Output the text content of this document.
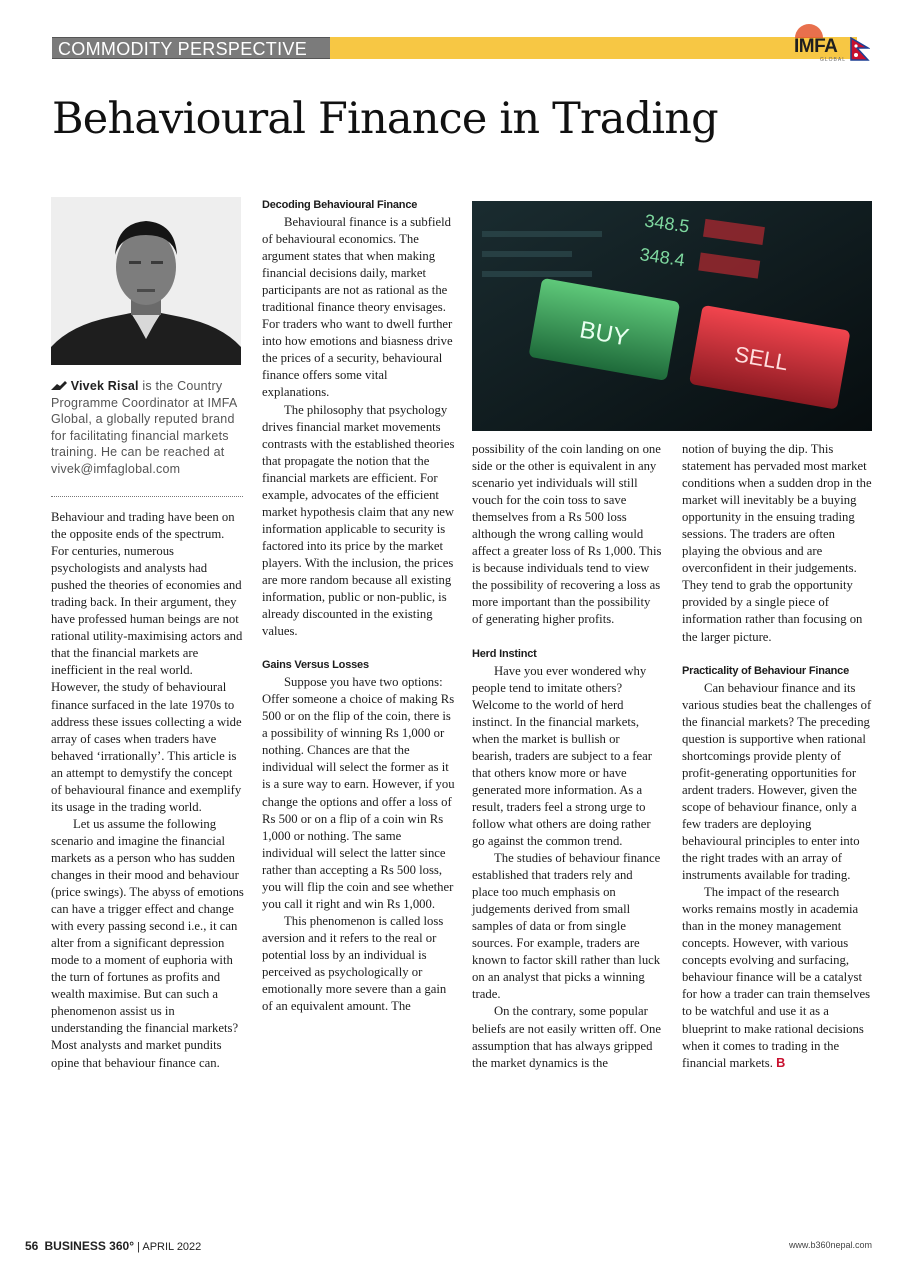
COMMODITY PERSPECTIVE	IMFA
GLOBAL
Behavioural Finance in Trading
Vivek Risal is the Country Programme Coordinator at IMFA Global, a globally reputed brand for facilitating financial markets training. He can be reached at vivek@imfaglobal.com

Behaviour and trading have been on the opposite ends of the spectrum. For centuries, numerous psychologists and analysts had pushed the theories of economies and trading back. In their argument, they have professed human beings are not rational utility-maximising actors and that the financial markets are inefficient in the real world. However, the study of behavioural finance surfaced in the late 1970s to address these issues collecting a wide array of cases when traders have behaved ‘irrationally’. This article is an attempt to demystify the concept of behavioural finance and exemplify its usage in the trading world.

Let us assume the following scenario and imagine the financial markets as a person who has sudden changes in their mood and behaviour (price swings). The abyss of emotions can have a trigger effect and change with every passing second i.e., it can alter from a significant depression mode to a moment of euphoria with the turn of fortunes as profits and wealth maximise. But can such a phenomenon assist us in understanding the financial markets? Most analysts and market pundits opine that behaviour finance can.

Decoding Behavioural Finance

Behavioural finance is a subfield of behavioural economics. The argument states that when making financial decisions daily, market participants are not as rational as the traditional finance theory envisages. For traders who want to dwell further into how emotions and biasness drive the prices of a security, behavioural finance offers some vital explanations.

The philosophy that psychology drives financial market movements contrasts with the established theories that propagate the notion that the financial markets are efficient. For example, advocates of the efficient market hypothesis claim that any new information applicable to security is factored into its price by the market players. With the inclusion, the prices are more random because all existing information, public or non-public, is already discounted in the existing values.

Gains Versus Losses

Suppose you have two options: Offer someone a choice of making Rs 500 or on the flip of the coin, there is a possibility of winning Rs 1,000 or nothing. Chances are that the individual will select the former as it is a sure way to earn. However, if you change the options and offer a loss of Rs 500 or on a flip of a coin win Rs 1,000 or nothing. The same individual will select the latter since rather than accepting a Rs 500 loss, you will flip the coin and see whether you call it right and win Rs 1,000.

This phenomenon is called loss aversion and it refers to the real or potential loss by an individual is perceived as psychologically or emotionally more severe than a gain of an equivalent amount. The

348.5
348.4
BUY
SELL

possibility of the coin landing on one side or the other is equivalent in any scenario yet individuals will still vouch for the coin toss to save themselves from a Rs 500 loss although the wrong calling would affect a greater loss of Rs 1,000. This is because individuals tend to view the possibility of recovering a loss as more important than the possibility of generating higher profits.

Herd Instinct

Have you ever wondered why people tend to imitate others? Welcome to the world of herd instinct. In the financial markets, when the market is bullish or bearish, traders are subject to a fear that others know more or have generated more information. As a result, traders feel a strong urge to follow what others are doing rather go against the common trend.

The studies of behaviour finance established that traders rely and place too much emphasis on judgements derived from small samples of data or from single sources. For example, traders are known to factor skill rather than luck on an analyst that picks a winning trade.

On the contrary, some popular beliefs are not easily written off. One assumption that has always gripped the market dynamics is the

notion of buying the dip. This statement has pervaded most market conditions when a sudden drop in the market will inevitably be a buying opportunity in the ensuing trading sessions. The traders are often playing the obvious and are overconfident in their judgements. They tend to grab the opportunity provided by a single piece of information rather than focusing on the larger picture.

Practicality of Behaviour Finance

Can behaviour finance and its various studies beat the challenges of the financial markets? The preceding question is supportive when rational shortcomings provide plenty of profit-generating opportunities for ardent traders. However, given the scope of behaviour finance, only a few traders are deploying behavioural principles to enter into the right trades with an array of instruments available for trading.

The impact of the research works remains mostly in academia than in the money management concepts. However, with various concepts evolving and surfacing, behaviour finance will be a catalyst for how a trader can train themselves to be watchful and use it as a blueprint to make rational decisions when it comes to trading in the financial markets. B

56 BUSINESS 360° | APRIL 2022	www.b360nepal.com
